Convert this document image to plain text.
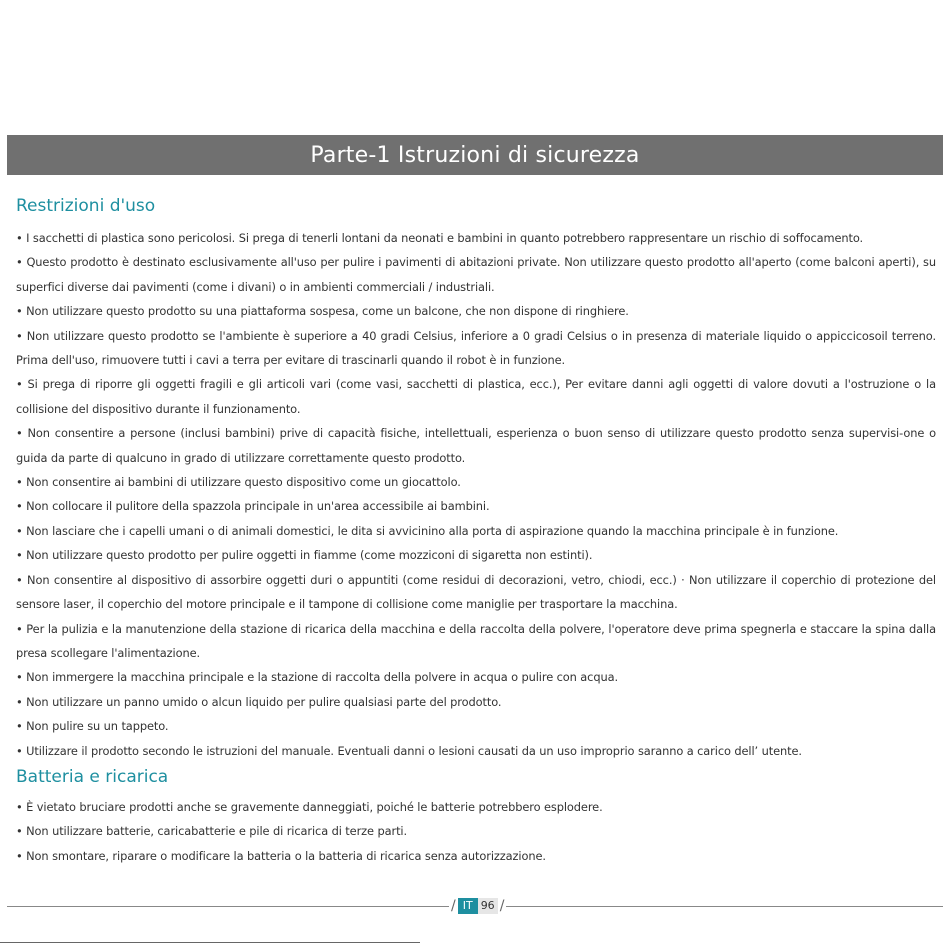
Parte-1 Istruzioni di sicurezza
Restrizioni d'uso

• I sacchetti di plastica sono pericolosi. Si prega di tenerli lontani da neonati e bambini in quanto potrebbero rappresentare un rischio di soffocamento.

• Questo prodotto è destinato esclusivamente all'uso per pulire i pavimenti di abitazioni private. Non utilizzare questo prodotto all'aperto (come balconi aperti), su superfici diverse dai pavimenti (come i divani) o in ambienti commerciali / industriali.

• Non utilizzare questo prodotto su una piattaforma sospesa, come un balcone, che non dispone di ringhiere.

• Non utilizzare questo prodotto se l'ambiente è superiore a 40 gradi Celsius, inferiore a 0 gradi Celsius o in presenza di materiale liquido o appiccicosoil terreno. Prima dell'uso, rimuovere tutti i cavi a terra per evitare di trascinarli quando il robot è in funzione.

• Si prega di riporre gli oggetti fragili e gli articoli vari (come vasi, sacchetti di plastica, ecc.), Per evitare danni agli oggetti di valore dovuti a l'ostruzione o la collisione del dispositivo durante il funzionamento.

• Non consentire a persone (inclusi bambini) prive di capacità fisiche, intellettuali, esperienza o buon senso di utilizzare questo prodotto senza supervisi-one o guida da parte di qualcuno in grado di utilizzare correttamente questo prodotto.

• Non consentire ai bambini di utilizzare questo dispositivo come un giocattolo.

• Non collocare il pulitore della spazzola principale in un'area accessibile ai bambini.

• Non lasciare che i capelli umani o di animali domestici, le dita si avvicinino alla porta di aspirazione quando la macchina principale è in funzione.

• Non utilizzare questo prodotto per pulire oggetti in fiamme (come mozziconi di sigaretta non estinti).

• Non consentire al dispositivo di assorbire oggetti duri o appuntiti (come residui di decorazioni, vetro, chiodi, ecc.) · Non utilizzare il coperchio di protezione del sensore laser, il coperchio del motore principale e il tampone di collisione come maniglie per trasportare la macchina.

• Per la pulizia e la manutenzione della stazione di ricarica della macchina e della raccolta della polvere, l'operatore deve prima spegnerla e staccare la spina dalla presa scollegare l'alimentazione.

• Non immergere la macchina principale e la stazione di raccolta della polvere in acqua o pulire con acqua.

• Non utilizzare un panno umido o alcun liquido per pulire qualsiasi parte del prodotto.

• Non pulire su un tappeto.

• Utilizzare il prodotto secondo le istruzioni del manuale. Eventuali danni o lesioni causati da un uso improprio saranno a carico dell’ utente.

Batteria e ricarica

• È vietato bruciare prodotti anche se gravemente danneggiati, poiché le batterie potrebbero esplodere.

• Non utilizzare batterie, caricabatterie e pile di ricarica di terze parti.

• Non smontare, riparare o modificare la batteria o la batteria di ricarica senza autorizzazione.

/ IT 96 /
